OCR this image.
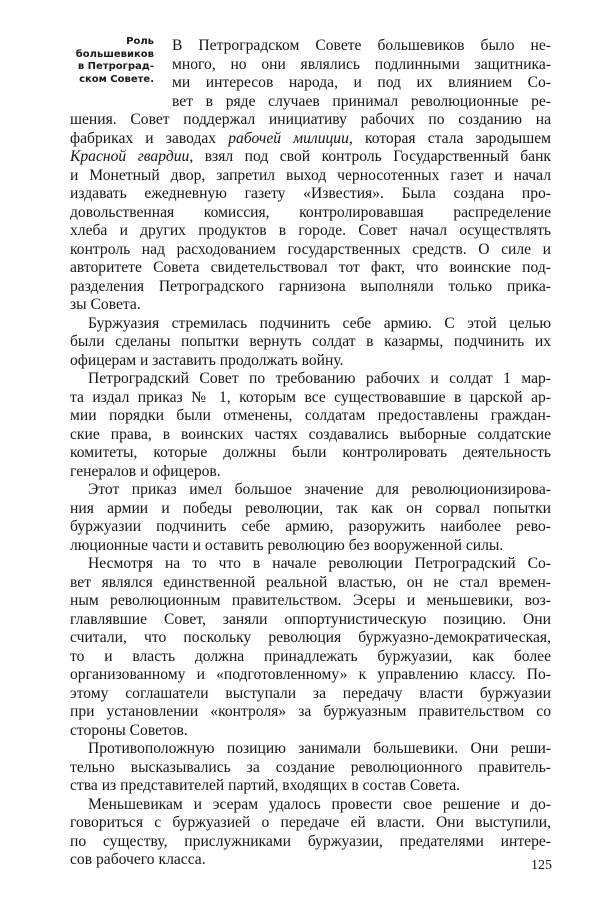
Роль
большевиков
в Петроград-
ском Совете.
В Петроградском Совете большевиков было не-
много, но они являлись подлинными защитника-
ми интересов народа, и под их влиянием Со-
вет в ряде случаев принимал революционные ре-
шения. Совет поддержал инициативу рабочих по созданию на
фабриках и заводах рабочей милиции, которая стала зародышем
Красной гвардии, взял под свой контроль Государственный банк
и Монетный двор, запретил выход черносотенных газет и начал
издавать ежедневную газету «Известия». Была создана про-
довольственная комиссия, контролировавшая распределение
хлеба и других продуктов в городе. Совет начал осуществлять
контроль над расходованием государственных средств. О силе и
авторитете Совета свидетельствовал тот факт, что воинские под-
разделения Петроградского гарнизона выполняли только прика-
зы Совета.
Буржуазия стремилась подчинить себе армию. С этой целью
были сделаны попытки вернуть солдат в казармы, подчинить их
офицерам и заставить продолжать войну.
Петроградский Совет по требованию рабочих и солдат 1 мар-
та издал приказ № 1, которым все существовавшие в царской ар-
мии порядки были отменены, солдатам предоставлены граждан-
ские права, в воинских частях создавались выборные солдатские
комитеты, которые должны были контролировать деятельность
генералов и офицеров.
Этот приказ имел большое значение для революционизирова-
ния армии и победы революции, так как он сорвал попытки
буржуазии подчинить себе армию, разоружить наиболее рево-
люционные части и оставить революцию без вооруженной силы.
Несмотря на то что в начале революции Петроградский Со-
вет являлся единственной реальной властью, он не стал времен-
ным революционным правительством. Эсеры и меньшевики, воз-
главлявшие Совет, заняли оппортунистическую позицию. Они
считали, что поскольку революция буржуазно-демократическая,
то и власть должна принадлежать буржуазии, как более
организованному и «подготовленному» к управлению классу. По-
этому соглашатели выступали за передачу власти буржуазии
при установлении «контроля» за буржуазным правительством со
стороны Советов.
Противоположную позицию занимали большевики. Они реши-
тельно высказывались за создание революционного правитель-
ства из представителей партий, входящих в состав Совета.
Меньшевикам и эсерам удалось провести свое решение и до-
говориться с буржуазией о передаче ей власти. Они выступили,
по существу, прислужниками буржуазии, предателями интере-
сов рабочего класса.	125
